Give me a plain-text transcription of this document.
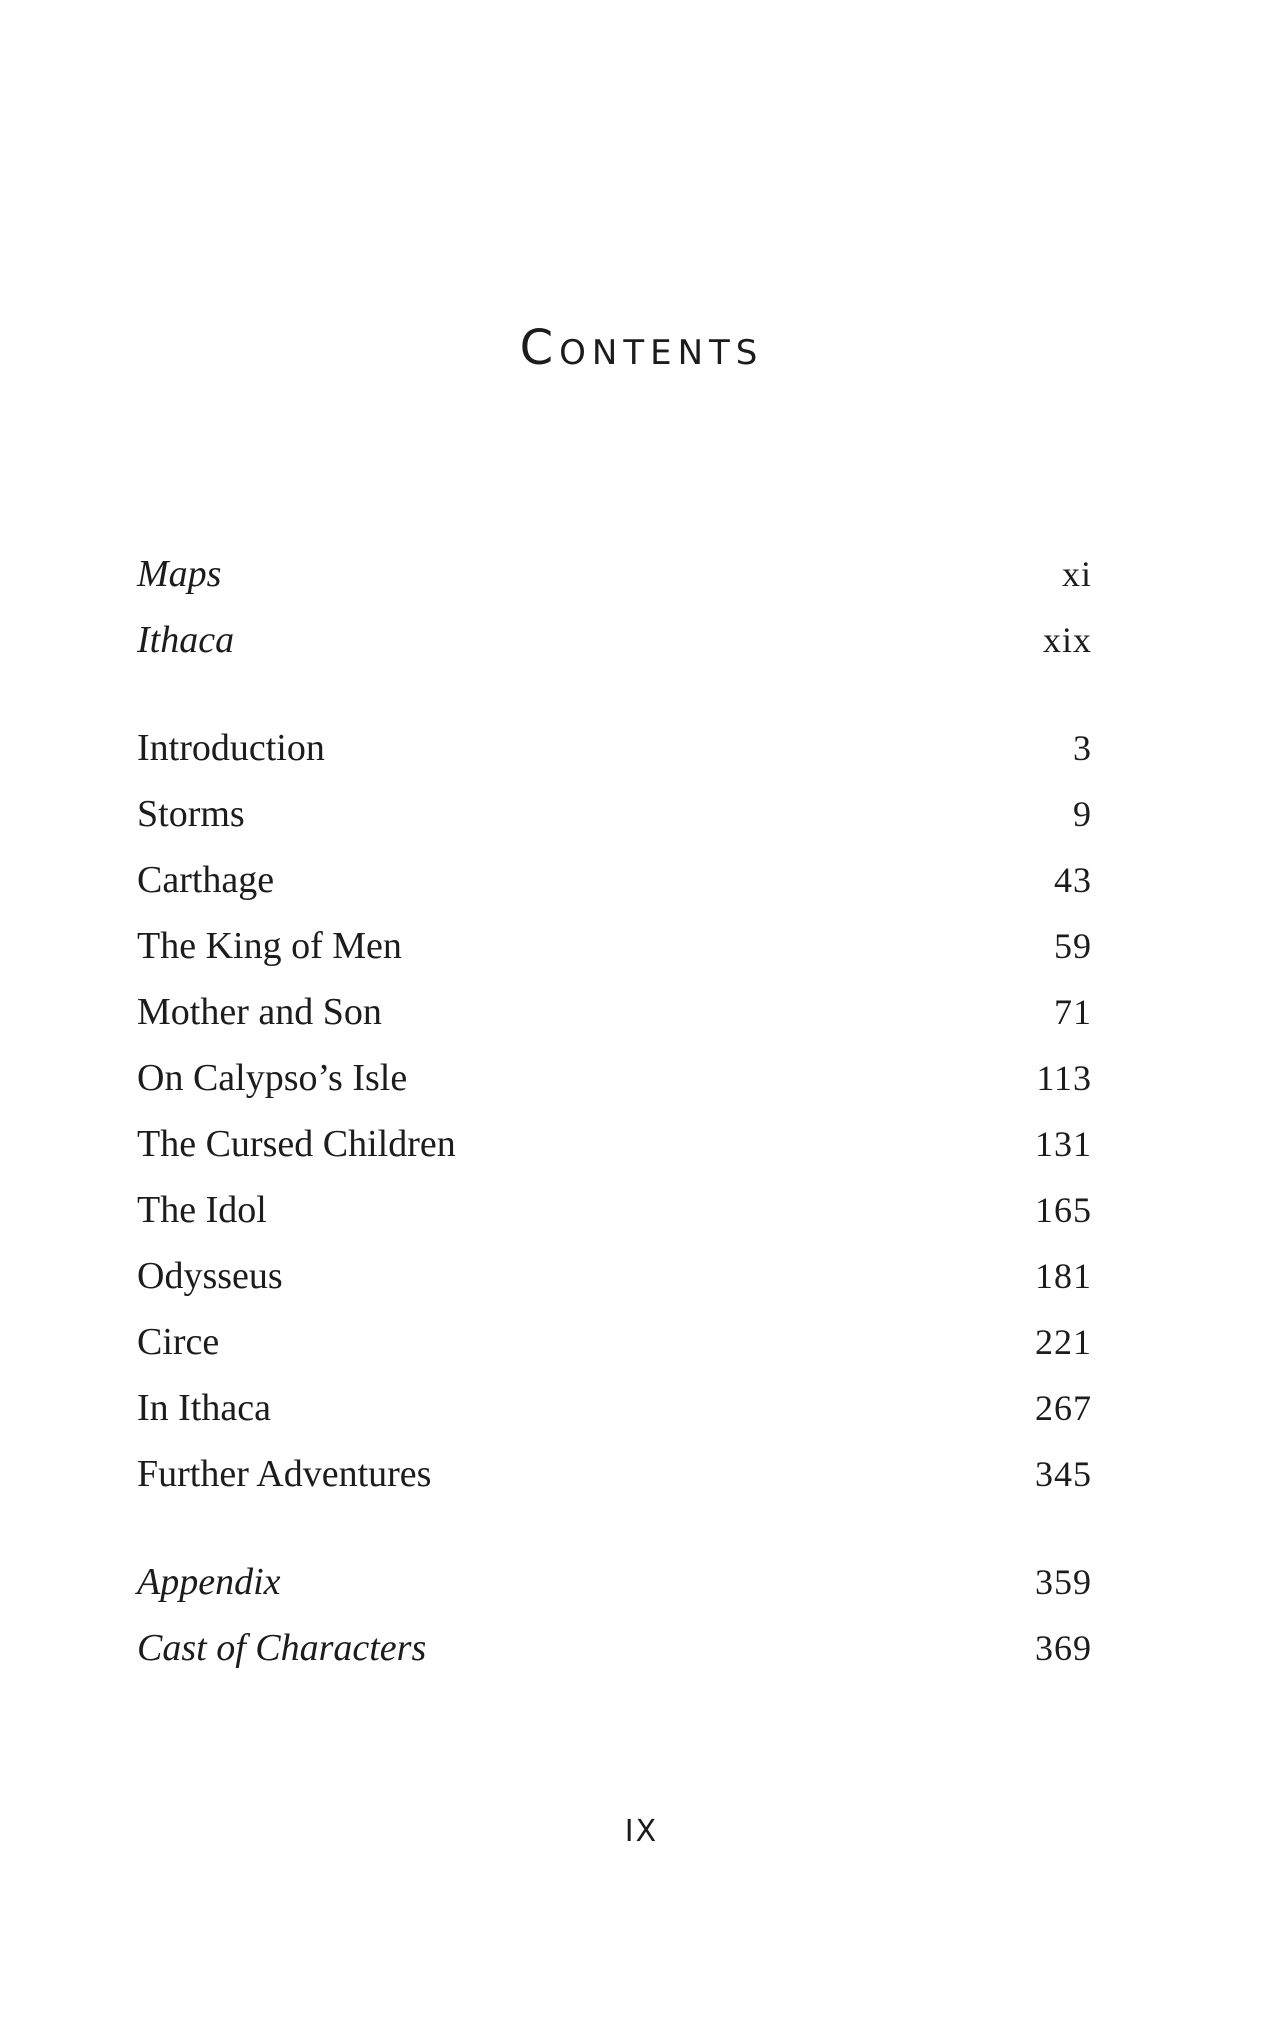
Contents
Maps	xi
Ithaca	xix
Introduction	3
Storms	9
Carthage	43
The King of Men	59
Mother and Son	71
On Calypso’s Isle	113
The Cursed Children	131
The Idol	165
Odysseus	181
Circe	221
In Ithaca	267
Further Adventures	345
Appendix	359
Cast of Characters	369
IX
